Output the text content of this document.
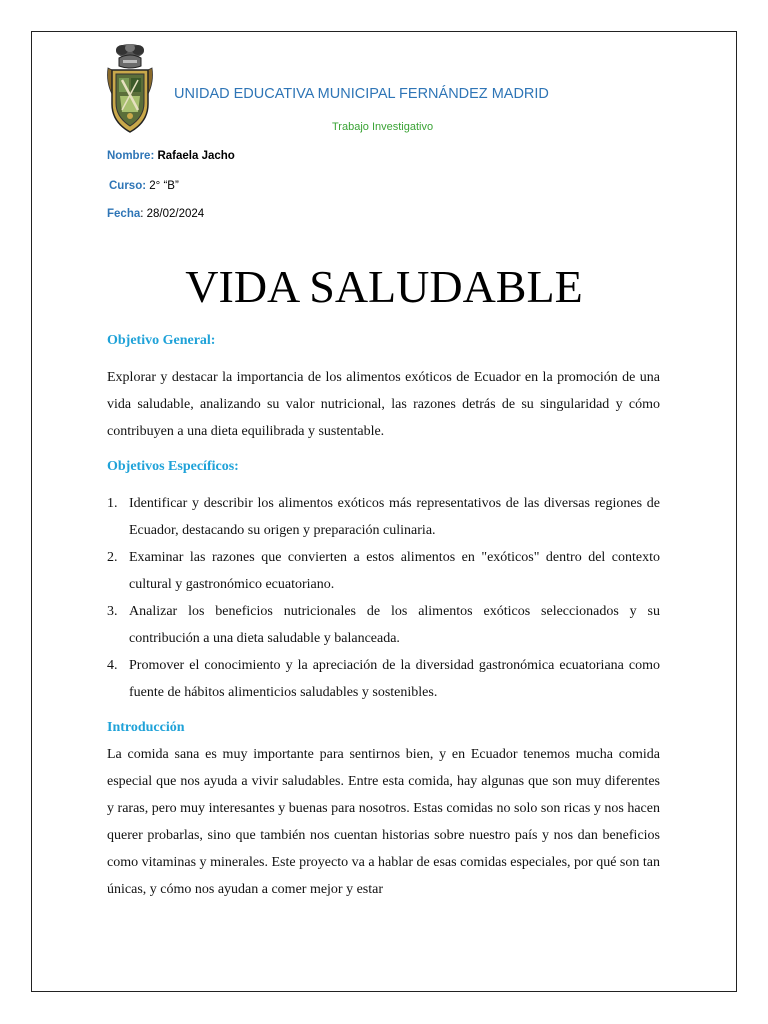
UNIDAD EDUCATIVA MUNICIPAL FERNÁNDEZ MADRID
Trabajo Investigativo
Nombre: Rafaela Jacho
Curso: 2° “B”
Fecha: 28/02/2024
VIDA SALUDABLE
Objetivo General:

Explorar y destacar la importancia de los alimentos exóticos de Ecuador en la promoción de una vida saludable, analizando su valor nutricional, las razones detrás de su singularidad y cómo contribuyen a una dieta equilibrada y sustentable.

Objetivos Específicos:
1. Identificar y describir los alimentos exóticos más representativos de las diversas regiones de Ecuador, destacando su origen y preparación culinaria.
2. Examinar las razones que convierten a estos alimentos en "exóticos" dentro del contexto cultural y gastronómico ecuatoriano.
3. Analizar los beneficios nutricionales de los alimentos exóticos seleccionados y su contribución a una dieta saludable y balanceada.
4. Promover el conocimiento y la apreciación de la diversidad gastronómica ecuatoriana como fuente de hábitos alimenticios saludables y sostenibles.
Introducción

La comida sana es muy importante para sentirnos bien, y en Ecuador tenemos mucha comida especial que nos ayuda a vivir saludables. Entre esta comida, hay algunas que son muy diferentes y raras, pero muy interesantes y buenas para nosotros. Estas comidas no solo son ricas y nos hacen querer probarlas, sino que también nos cuentan historias sobre nuestro país y nos dan beneficios como vitaminas y minerales. Este proyecto va a hablar de esas comidas especiales, por qué son tan únicas, y cómo nos ayudan a comer mejor y estar
